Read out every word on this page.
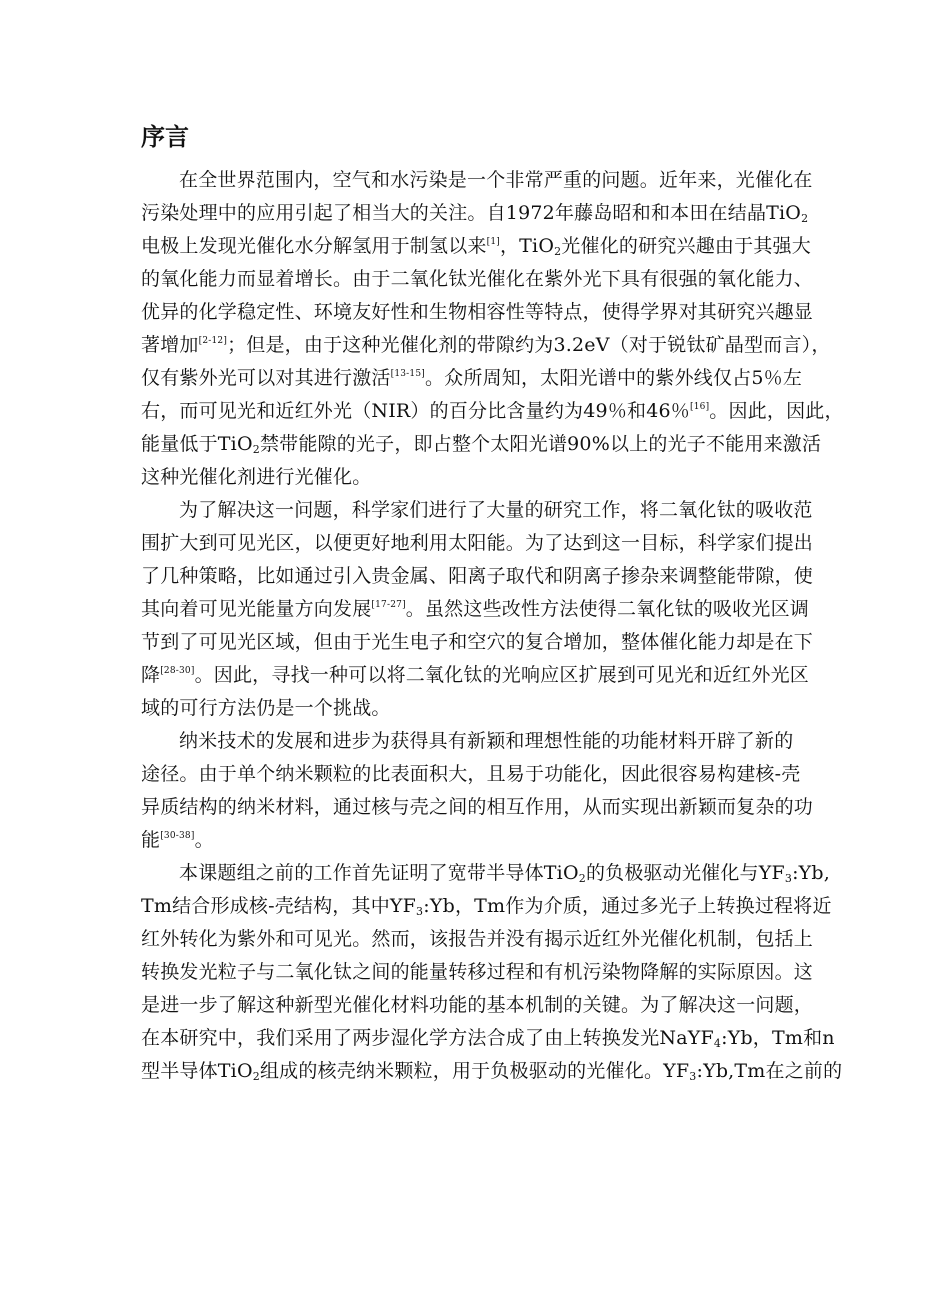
序言
在全世界范围内，空气和水污染是一个非常严重的问题。近年来，光催化在
污染处理中的应用引起了相当大的关注。自1972年藤岛昭和和本田在结晶TiO$_2$
电极上发现光催化水分解氢用于制氢以来[1]，TiO$_2$光催化的研究兴趣由于其强大
的氧化能力而显着增长。由于二氧化钛光催化在紫外光下具有很强的氧化能力、
优异的化学稳定性、环境友好性和生物相容性等特点，使得学界对其研究兴趣显
著增加[2-12]；但是，由于这种光催化剂的带隙约为3.2eV（对于锐钛矿晶型而言），
仅有紫外光可以对其进行激活[13-15]。众所周知，太阳光谱中的紫外线仅占5％左
右，而可见光和近红外光（NIR）的百分比含量约为49％和46％[16]。因此，因此，
能量低于TiO$_2$禁带能隙的光子，即占整个太阳光谱90%以上的光子不能用来激活
这种光催化剂进行光催化。
为了解决这一问题，科学家们进行了大量的研究工作，将二氧化钛的吸收范
围扩大到可见光区，以便更好地利用太阳能。为了达到这一目标，科学家们提出
了几种策略，比如通过引入贵金属、阳离子取代和阴离子掺杂来调整能带隙，使
其向着可见光能量方向发展[17-27]。虽然这些改性方法使得二氧化钛的吸收光区调
节到了可见光区域，但由于光生电子和空穴的复合增加，整体催化能力却是在下
降[28-30]。因此，寻找一种可以将二氧化钛的光响应区扩展到可见光和近红外光区
域的可行方法仍是一个挑战。
纳米技术的发展和进步为获得具有新颖和理想性能的功能材料开辟了新的
途径。由于单个纳米颗粒的比表面积大，且易于功能化，因此很容易构建核-壳
异质结构的纳米材料，通过核与壳之间的相互作用，从而实现出新颖而复杂的功
能[30-38]。
本课题组之前的工作首先证明了宽带半导体TiO$_2$的负极驱动光催化与$YF_3:Yb$,
Tm结合形成核-壳结构，其中$YF_3:Yb$，Tm作为介质，通过多光子上转换过程将近
红外转化为紫外和可见光。然而，该报告并没有揭示近红外光催化机制，包括上
转换发光粒子与二氧化钛之间的能量转移过程和有机污染物降解的实际原因。这
是进一步了解这种新型光催化材料功能的基本机制的关键。为了解决这一问题，
在本研究中，我们采用了两步湿化学方法合成了由上转换发光NaYF$_4$:Yb，Tm和n
型半导体TiO$_2$组成的核壳纳米颗粒，用于负极驱动的光催化。$YF_3:Yb,Tm$在之前的
